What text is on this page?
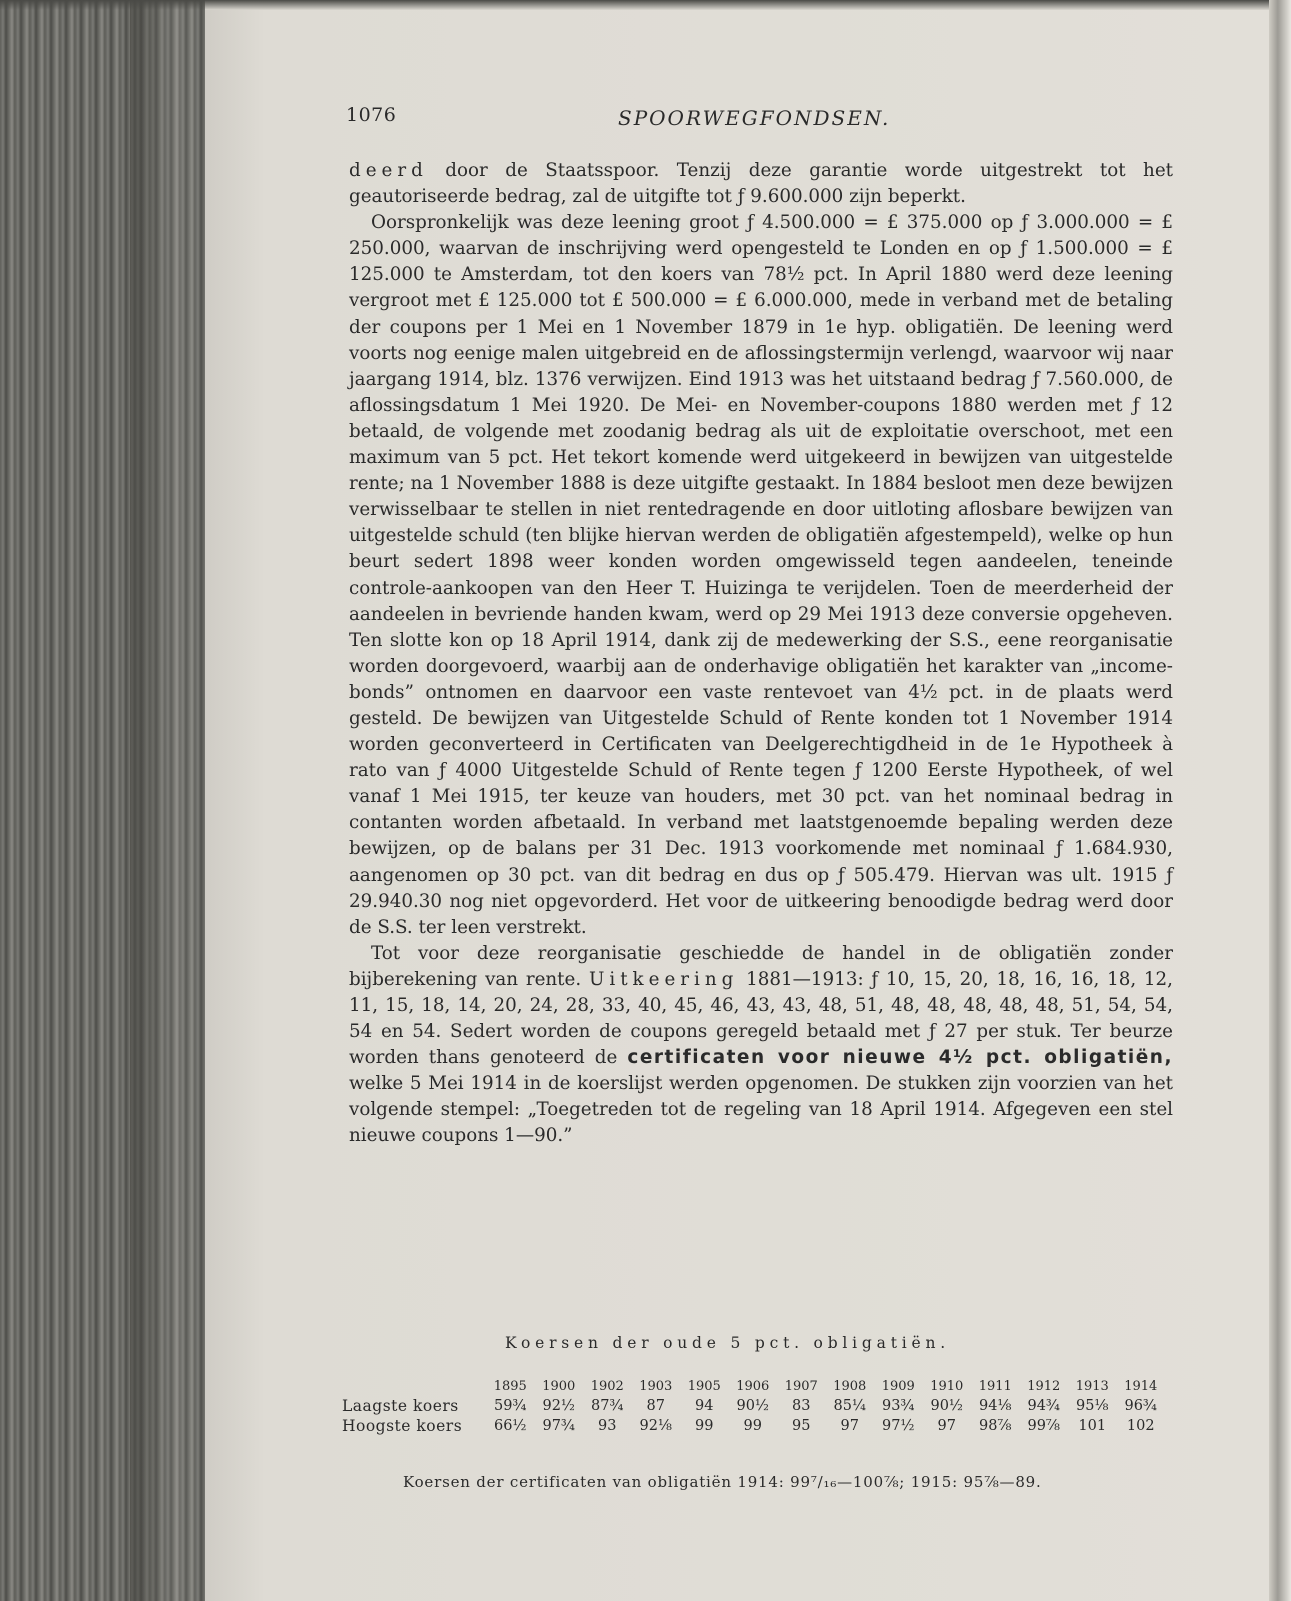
1076	SPOORWEGFONDSEN.

deerd door de Staatsspoor. Tenzij deze garantie worde uitgestrekt tot het geautoriseerde bedrag, zal de uitgifte tot ƒ 9.600.000 zijn beperkt.

Oorspronkelijk was deze leening groot ƒ 4.500.000 = £ 375.000 op ƒ 3.000.000 = £ 250.000, waarvan de inschrijving werd opengesteld te Londen en op ƒ 1.500.000 = £ 125.000 te Amsterdam, tot den koers van 78½ pct. In April 1880 werd deze leening vergroot met £ 125.000 tot £ 500.000 = £ 6.000.000, mede in verband met de betaling der coupons per 1 Mei en 1 November 1879 in 1e hyp. obligatiën. De leening werd voorts nog eenige malen uitgebreid en de aflossingstermijn verlengd, waarvoor wij naar jaargang 1914, blz. 1376 verwijzen. Eind 1913 was het uitstaand bedrag ƒ 7.560.000, de aflossingsdatum 1 Mei 1920. De Mei- en November-coupons 1880 werden met ƒ 12 betaald, de volgende met zoodanig bedrag als uit de exploitatie overschoot, met een maximum van 5 pct. Het tekort komende werd uitgekeerd in bewijzen van uitgestelde rente; na 1 November 1888 is deze uitgifte gestaakt. In 1884 besloot men deze bewijzen verwisselbaar te stellen in niet rentedragende en door uitloting aflosbare bewijzen van uitgestelde schuld (ten blijke hiervan werden de obligatiën afgestempeld), welke op hun beurt sedert 1898 weer konden worden omgewisseld tegen aandeelen, teneinde controle-aankoopen van den Heer T. Huizinga te verijdelen. Toen de meerderheid der aandeelen in bevriende handen kwam, werd op 29 Mei 1913 deze conversie opgeheven. Ten slotte kon op 18 April 1914, dank zij de medewerking der S.S., eene reorganisatie worden doorgevoerd, waarbij aan de onderhavige obligatiën het karakter van „income-bonds” ontnomen en daarvoor een vaste rentevoet van 4½ pct. in de plaats werd gesteld. De bewijzen van Uitgestelde Schuld of Rente konden tot 1 November 1914 worden geconverteerd in Certificaten van Deelgerechtigdheid in de 1e Hypotheek à rato van ƒ 4000 Uitgestelde Schuld of Rente tegen ƒ 1200 Eerste Hypotheek, of wel vanaf 1 Mei 1915, ter keuze van houders, met 30 pct. van het nominaal bedrag in contanten worden afbetaald. In verband met laatstgenoemde bepaling werden deze bewijzen, op de balans per 31 Dec. 1913 voorkomende met nominaal ƒ 1.684.930, aangenomen op 30 pct. van dit bedrag en dus op ƒ 505.479. Hiervan was ult. 1915 ƒ 29.940.30 nog niet opgevorderd. Het voor de uitkeering benoodigde bedrag werd door de S.S. ter leen verstrekt.

Tot voor deze reorganisatie geschiedde de handel in de obligatiën zonder bijberekening van rente. Uitkeering 1881—1913: ƒ 10, 15, 20, 18, 16, 16, 18, 12, 11, 15, 18, 14, 20, 24, 28, 33, 40, 45, 46, 43, 43, 48, 51, 48, 48, 48, 48, 48, 51, 54, 54, 54 en 54. Sedert worden de coupons geregeld betaald met ƒ 27 per stuk. Ter beurze worden thans genoteerd de certificaten voor nieuwe 4½ pct. obligatiën, welke 5 Mei 1914 in de koerslijst werden opgenomen. De stukken zijn voorzien van het volgende stempel: „Toegetreden tot de regeling van 18 April 1914. Afgegeven een stel nieuwe coupons 1—90.”

Koersen der oude 5 pct. obligatiën.
	1895	1900	1902	1903	1905	1906	1907	1908	1909	1910	1911	1912	1913	1914
Laagste koers	59¾	92½	87¾	87	94	90½	83	85¼	93¾	90½	94⅛	94¾	95⅛	96¾
Hoogste koers	66½	97¾	93	92⅛	99	99	95	97	97½	97	98⅞	99⅞	101	102
Koersen der certificaten van obligatiën 1914: 99⁷/₁₆—100⅞; 1915: 95⅞—89.
